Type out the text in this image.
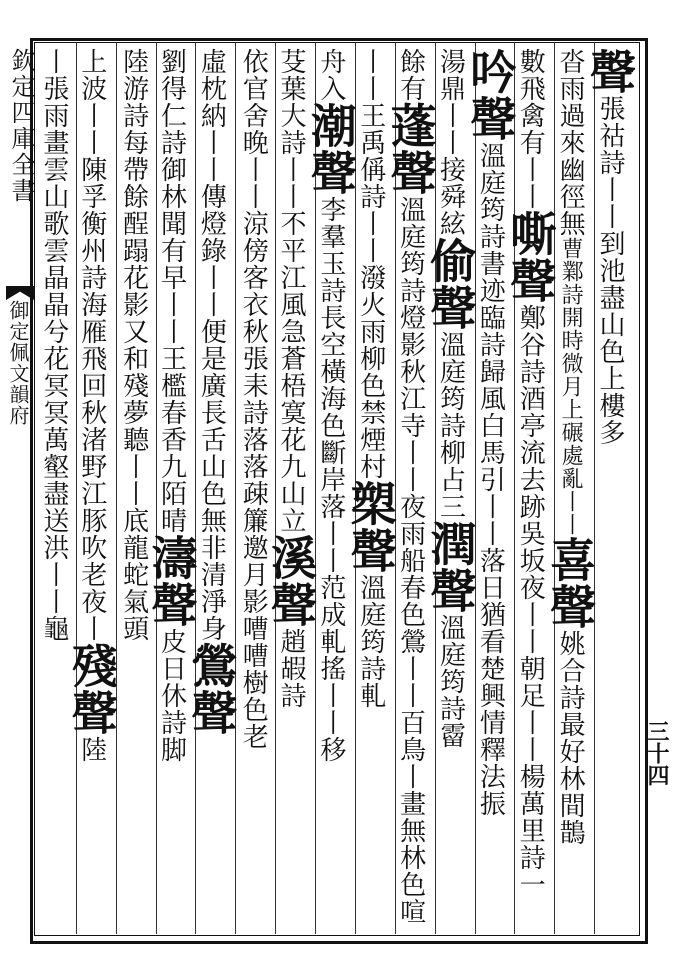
欽定四庫全書
御定佩文韻府
聲張祜詩丨丨到池盡山色上樓多
沓雨過來幽徑無曹鄴詩開時微月上碾處亂丨丨喜聲姚合詩最好林間鵲
數飛禽有丨丨嘶聲鄭谷詩酒亭流去跡吳坂夜丨丨朝足丨丨楊萬里詩一
吟聲溫庭筠詩書迹臨詩歸風白馬引丨丨落日猶看楚興情釋法振
湯鼎丨丨接舜絃偷聲溫庭筠詩柳占三潤聲溫庭筠詩霤
餘有蓬聲溫庭筠詩燈影秋江寺丨丨夜雨船春色鶯丨丨百鳥丨畫無林色喧
丨丨王禹偁詩丨丨潑火雨柳色禁煙村槊聲溫庭筠詩軋
舟入潮聲李羣玉詩長空橫海色斷岸落丨丨范成軋搖丨丨移
芟葉大詩丨丨不平江風急蒼梧寞花九山立溪聲趙嘏詩
依官舍晚丨丨涼傍客衣秋張耒詩落落疎簾邀月影嘈嘈樹色老
虛枕納丨丨傳燈錄丨丨便是廣長舌山色無非清淨身鶯聲
劉得仁詩御林聞有早丨丨王檻春香九陌晴濤聲皮日休詩脚
陸游詩每帶餘酲蹋花影又和殘夢聽丨丨底龍蛇氣頭
上波丨丨陳孚衡州詩海雁飛回秋渚野江豚吹老夜丨殘聲陸
丨張雨畫雲山歌雲晶晶兮花冥冥萬壑盡送洪丨丨龜
三十四
